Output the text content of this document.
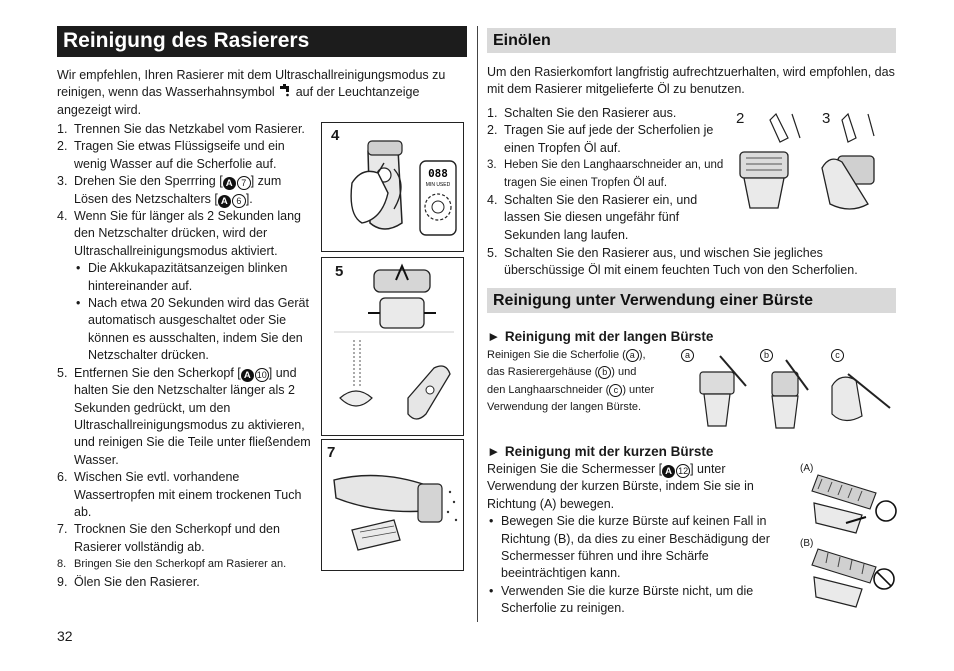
Reinigung des Rasierers

Wir empfehlen, Ihren Rasierer mit dem Ultraschallreinigungsmodus zu reinigen, wenn das Wasserhahnsymbol auf der Leuchtanzeige angezeigt wird.

1. Trennen Sie das Netzkabel vom Rasierer.
2. Tragen Sie etwas Flüssigseife und ein wenig Wasser auf die Scherfolie auf.
3. Drehen Sie den Sperrring [ A 7 ] zum Lösen des Netzschalters [ A 6 ].
4. Wenn Sie für länger als 2 Sekunden lang den Netzschalter drücken, wird der Ultraschallreinigungsmodus aktiviert.
• Die Akkukapazitätsanzeigen blinken hintereinander auf.
• Nach etwa 20 Sekunden wird das Gerät automatisch ausgeschaltet oder Sie können es ausschalten, indem Sie den Netzschalter drücken.
5. Entfernen Sie den Scherkopf [ A 10 ] und halten Sie den Netzschalter länger als 2 Sekunden gedrückt, um den Ultraschallreinigungsmodus zu aktivieren, und reinigen Sie die Teile unter fließendem Wasser.
6. Wischen Sie evtl. vorhandene Wassertropfen mit einem trockenen Tuch ab.
7. Trocknen Sie den Scherkopf und den Rasierer vollständig ab.
8. Bringen Sie den Scherkopf am Rasierer an.
9. Ölen Sie den Rasierer.
4
088
MIN USED
5
7
32
Einölen

Um den Rasierkomfort langfristig aufrechtzuerhalten, wird empfohlen, das mit dem Rasierer mitgelieferte Öl zu benutzen.

1. Schalten Sie den Rasierer aus.
2. Tragen Sie auf jede der Scherfolien je einen Tropfen Öl auf.
3. Heben Sie den Langhaarschneider an, und tragen Sie einen Tropfen Öl auf.
4. Schalten Sie den Rasierer ein, und lassen Sie diesen ungefähr fünf Sekunden lang laufen.
2	3
5. Schalten Sie den Rasierer aus, und wischen Sie jegliches überschüssige Öl mit einem feuchten Tuch von den Scherfolien.
Reinigung unter Verwendung einer Bürste
► Reinigung mit der langen Bürste
Reinigen Sie die Scherfolie ( a ),
das Rasierergehäuse ( b ) und
den Langhaarschneider ( c ) unter
Verwendung der langen Bürste.
a	b	c
► Reinigung mit der kurzen Bürste

Reinigen Sie die Schermesser [ A 12 ] unter Verwendung der kurzen Bürste, indem Sie sie in Richtung (A) bewegen.

• Bewegen Sie die kurze Bürste auf keinen Fall in Richtung (B), da dies zu einer Beschädigung der Schermesser führen und ihre Schärfe beeinträchtigen kann.
• Verwenden Sie die kurze Bürste nicht, um die Scherfolie zu reinigen.
(A)
(B)
